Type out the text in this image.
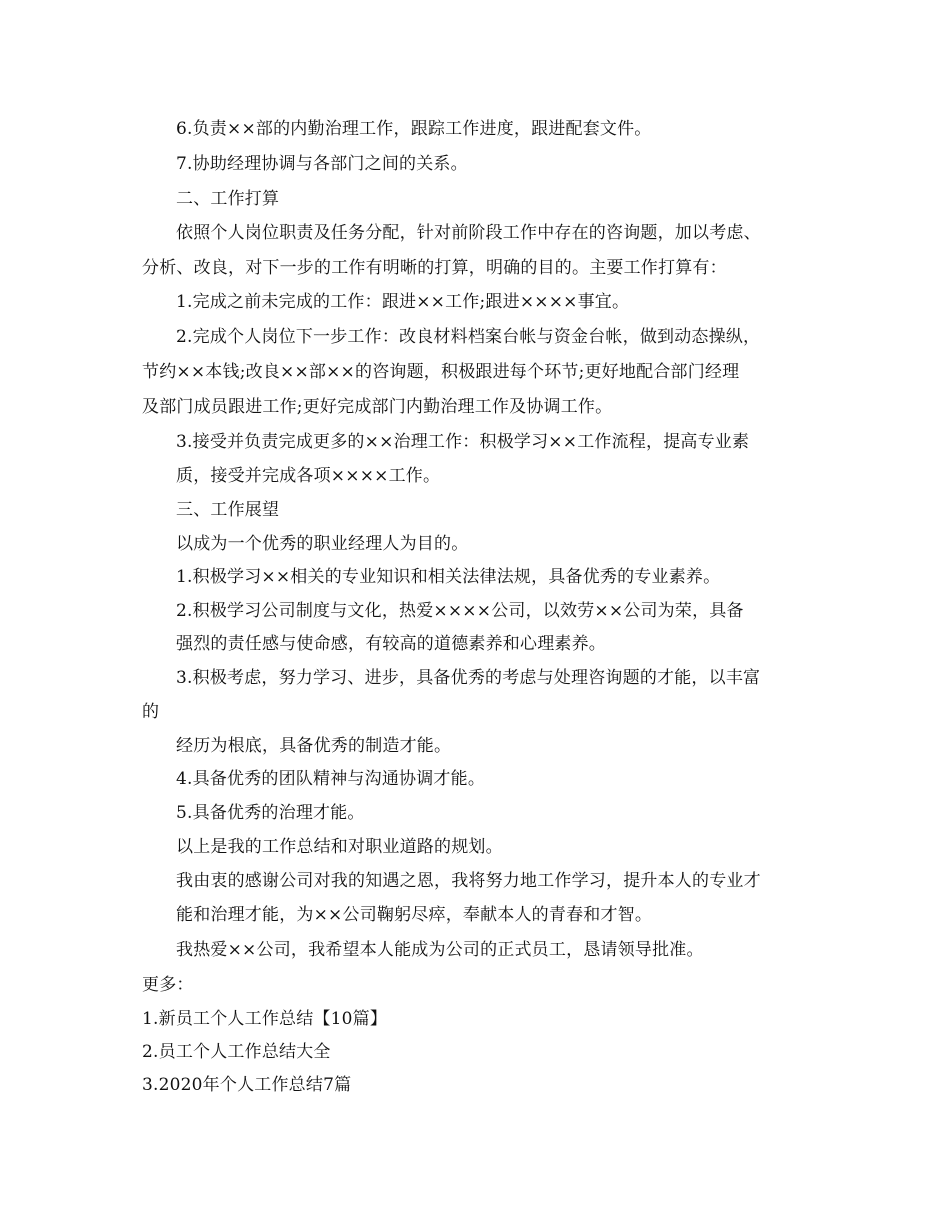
6.负责××部的内勤治理工作，跟踪工作进度，跟进配套文件。
7.协助经理协调与各部门之间的关系。
二、工作打算
依照个人岗位职责及任务分配，针对前阶段工作中存在的咨询题，加以考虑、
分析、改良，对下一步的工作有明晰的打算，明确的目的。主要工作打算有：
1.完成之前未完成的工作：跟进××工作;跟进××××事宜。
2.完成个人岗位下一步工作：改良材料档案台帐与资金台帐，做到动态操纵，
节约××本钱;改良××部××的咨询题，积极跟进每个环节;更好地配合部门经理
及部门成员跟进工作;更好完成部门内勤治理工作及协调工作。
3.接受并负责完成更多的××治理工作：积极学习××工作流程，提高专业素
质，接受并完成各项××××工作。
三、工作展望
以成为一个优秀的职业经理人为目的。
1.积极学习××相关的专业知识和相关法律法规，具备优秀的专业素养。
2.积极学习公司制度与文化，热爱××××公司，以效劳××公司为荣，具备
强烈的责任感与使命感，有较高的道德素养和心理素养。
3.积极考虑，努力学习、进步，具备优秀的考虑与处理咨询题的才能，以丰富
的
经历为根底，具备优秀的制造才能。
4.具备优秀的团队精神与沟通协调才能。
5.具备优秀的治理才能。
以上是我的工作总结和对职业道路的规划。
我由衷的感谢公司对我的知遇之恩，我将努力地工作学习，提升本人的专业才
能和治理才能，为××公司鞠躬尽瘁，奉献本人的青春和才智。
我热爱××公司，我希望本人能成为公司的正式员工，恳请领导批准。
更多：
1.新员工个人工作总结【10篇】
2.员工个人工作总结大全
3.2020年个人工作总结7篇
